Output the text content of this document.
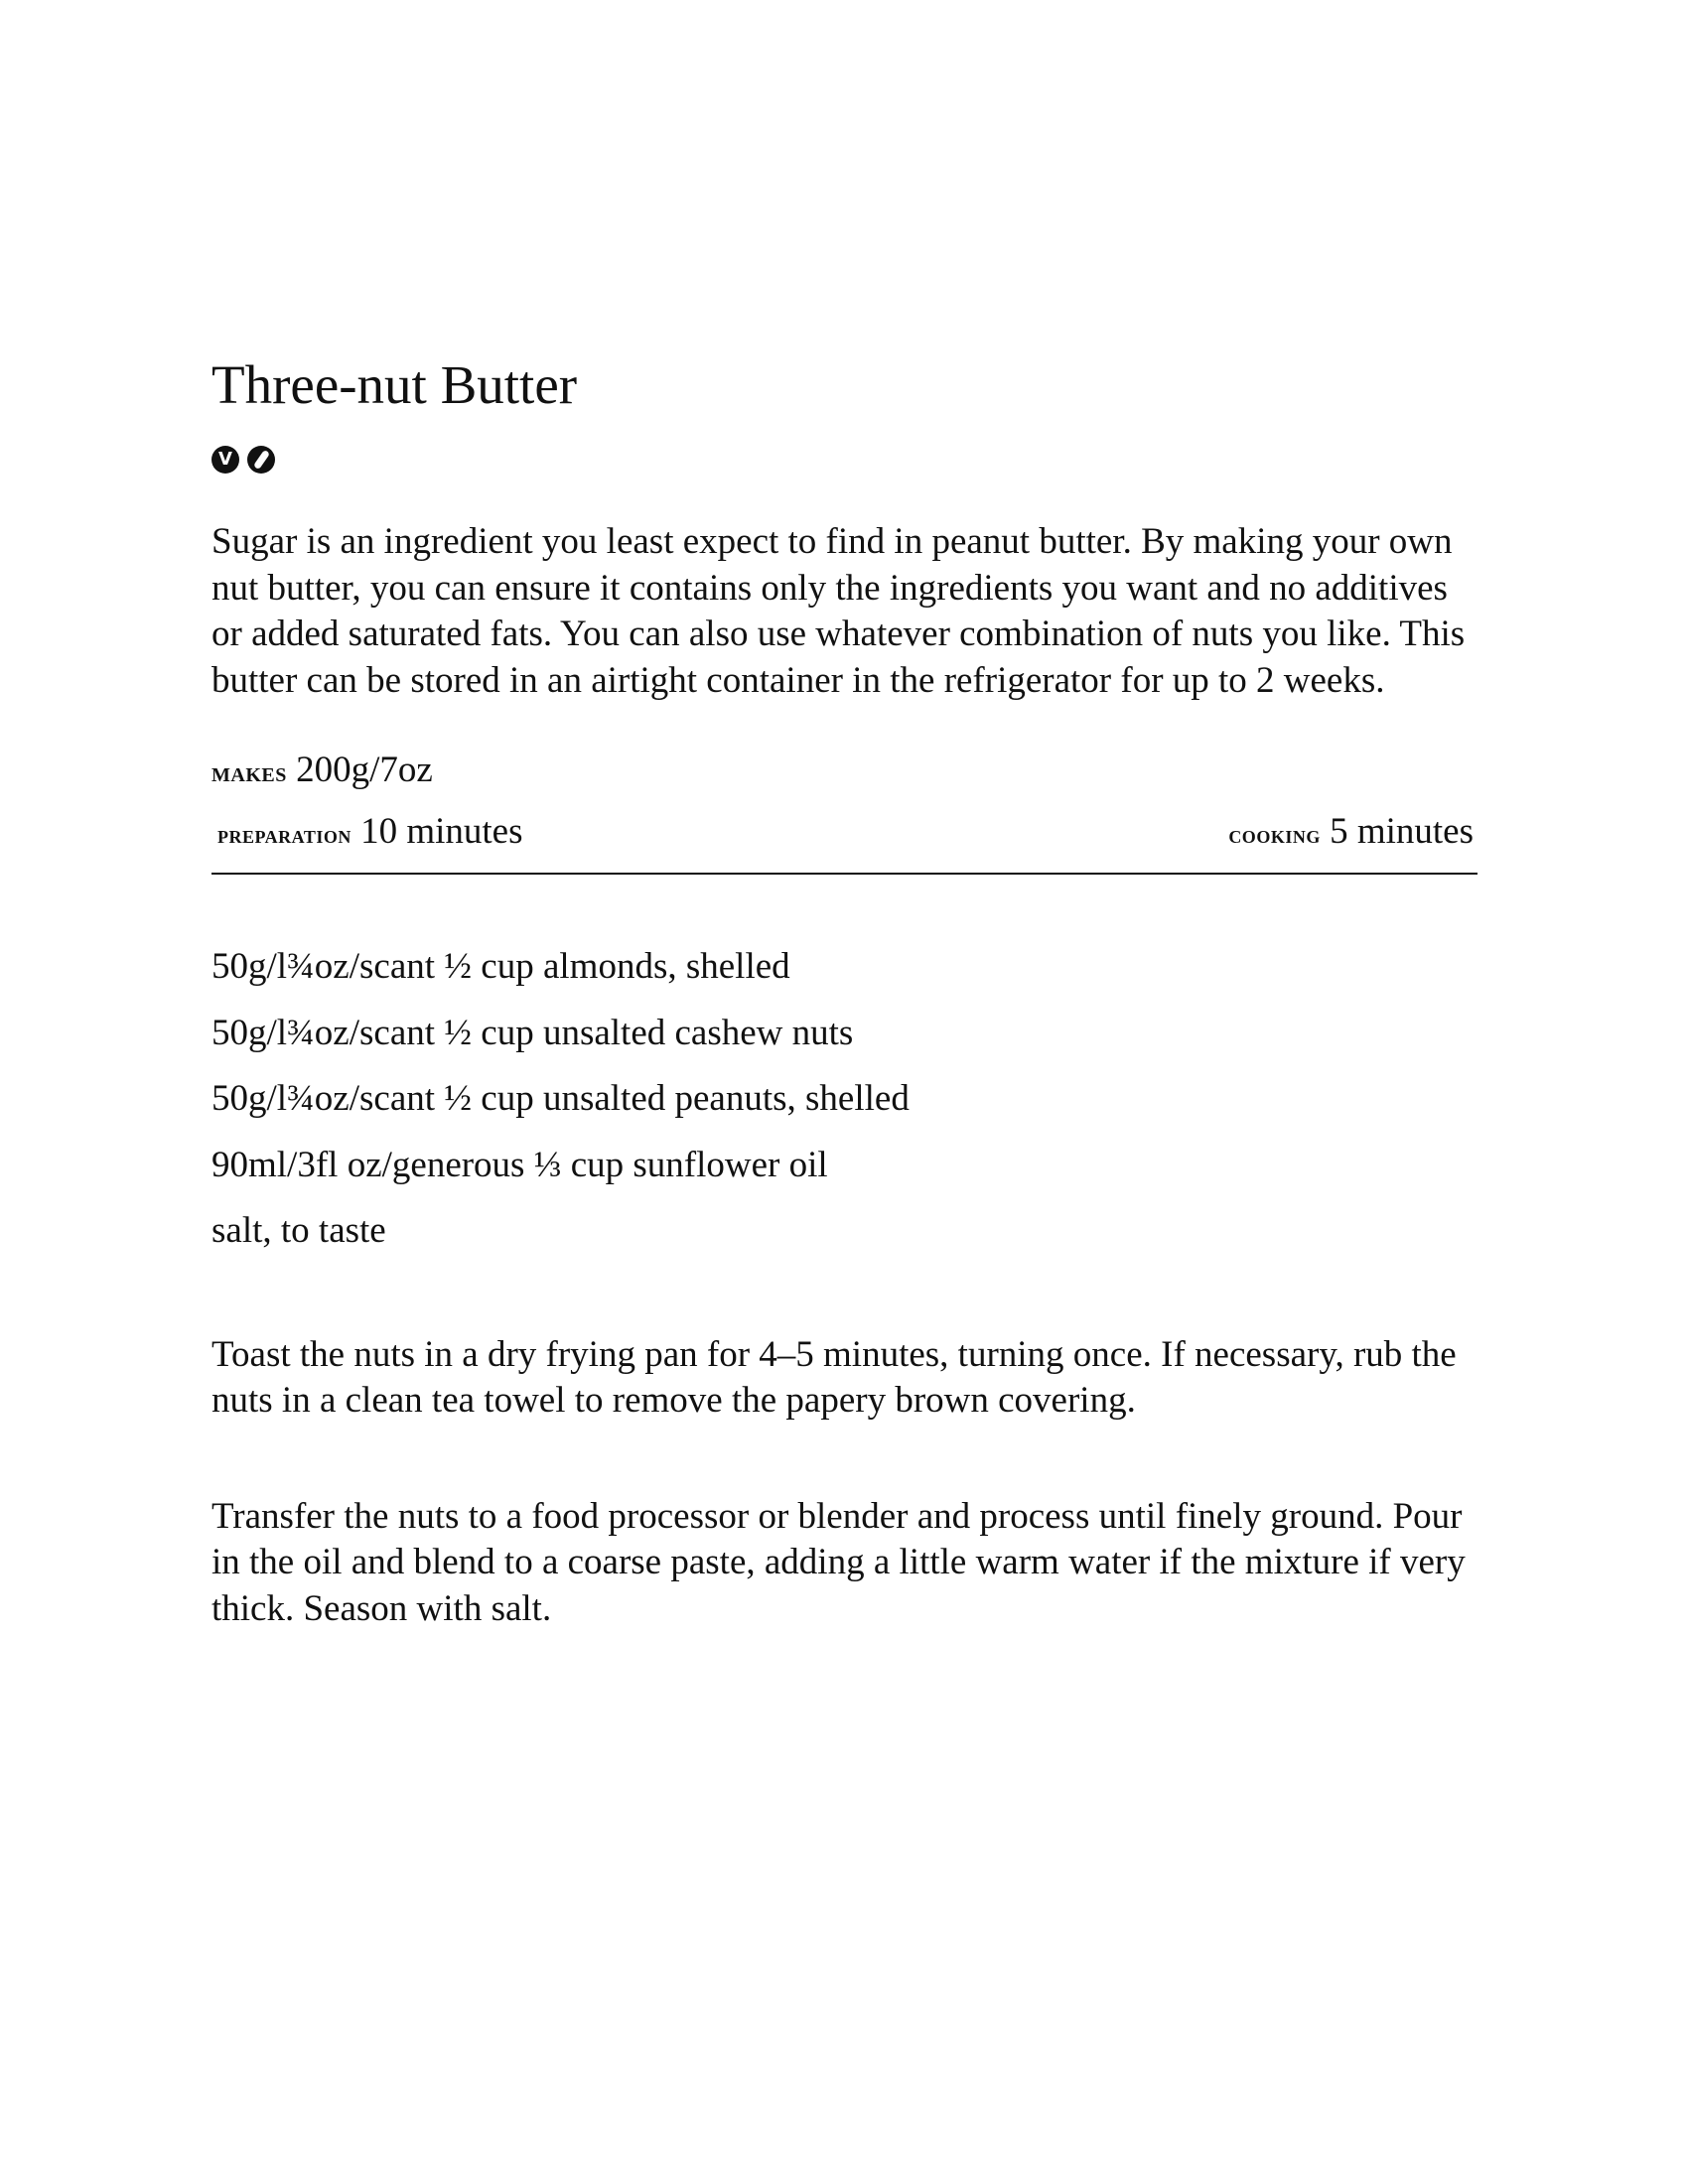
Three-nut Butter
V
Sugar is an ingredient you least expect to find in peanut butter. By making your own nut butter, you can ensure it contains only the ingredients you want and no additives or added saturated fats. You can also use whatever combination of nuts you like. This butter can be stored in an airtight container in the refrigerator for up to 2 weeks.
makes 200g/7oz
preparation 10 minutes	cooking 5 minutes
50g/l¾oz/scant ½ cup almonds, shelled
50g/l¾oz/scant ½ cup unsalted cashew nuts
50g/l¾oz/scant ½ cup unsalted peanuts, shelled
90ml/3fl oz/generous ⅓ cup sunflower oil
salt, to taste

Toast the nuts in a dry frying pan for 4–5 minutes, turning once. If necessary, rub the nuts in a clean tea towel to remove the papery brown covering.

Transfer the nuts to a food processor or blender and process until finely ground. Pour in the oil and blend to a coarse paste, adding a little warm water if the mixture if very thick. Season with salt.
